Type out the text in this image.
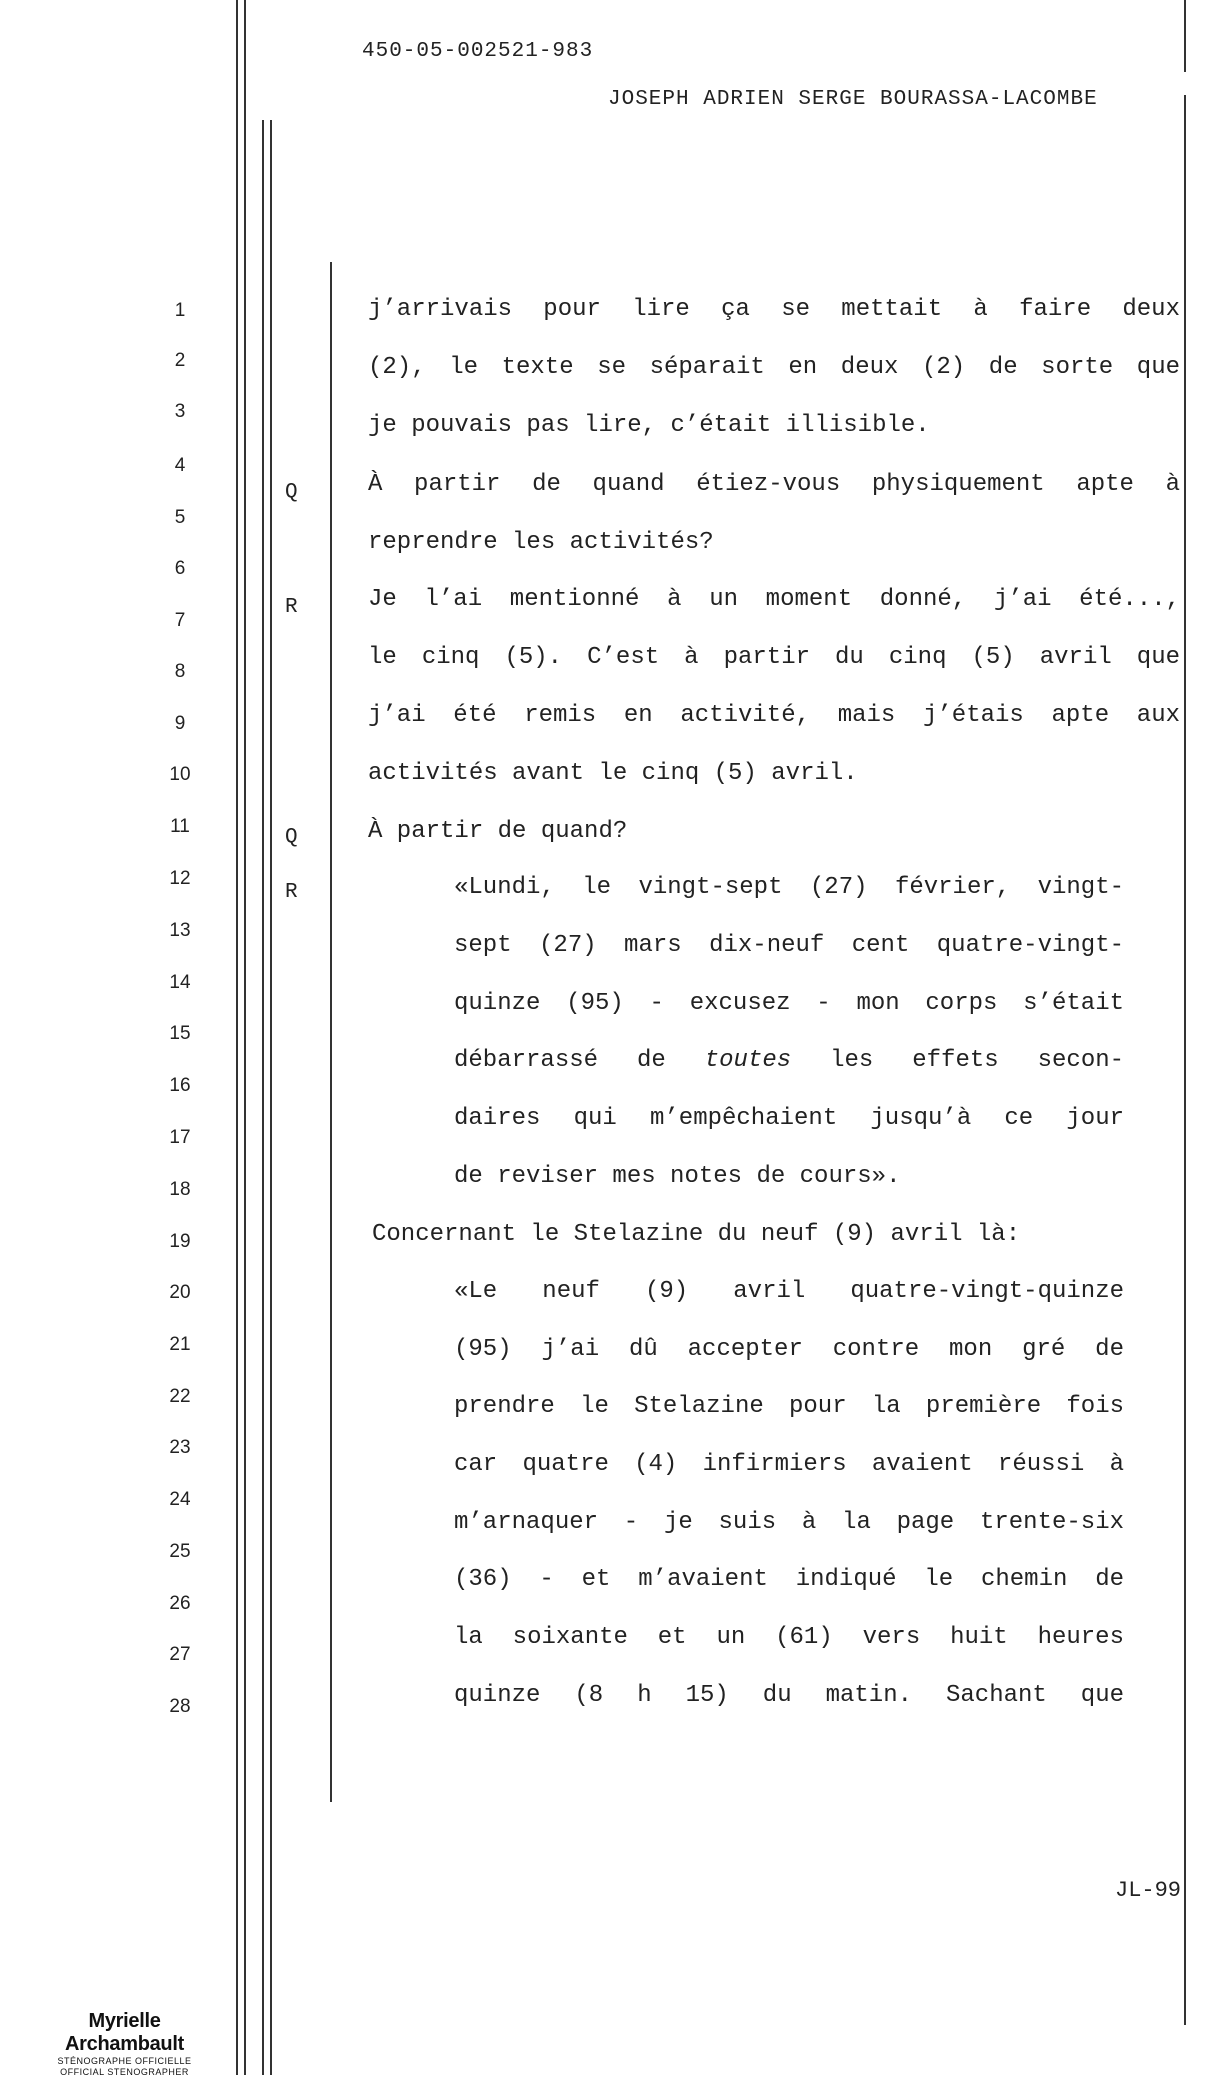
450-05-002521-983
JOSEPH ADRIEN SERGE BOURASSA-LACOMBE
1
2
3
4
5
6
7
8
9
10
11
12
13
14
15
16
17
18
19
20
21
22
23
24
25
26
27
28
Q
R
Q
R
j’arrivais pour lire ça se mettait à faire deux
(2), le texte se séparait en deux (2) de sorte que
je pouvais pas lire, c’était illisible.
À partir de quand étiez-vous physiquement apte à
reprendre les activités?
Je l’ai mentionné à un moment donné, j’ai été...,
le cinq (5). C’est à partir du cinq (5) avril que
j’ai été remis en activité, mais j’étais apte aux
activités avant le cinq (5) avril.
À partir de quand?
«Lundi, le vingt-sept (27) février, vingt-
sept (27) mars dix-neuf cent quatre-vingt-
quinze (95) - excusez - mon corps s’était
débarrassé de toutes les effets secon-
daires qui m’empêchaient jusqu’à ce jour
de reviser mes notes de cours».
Concernant le Stelazine du neuf (9) avril là:
«Le neuf (9) avril quatre-vingt-quinze
(95) j’ai dû accepter contre mon gré de
prendre le Stelazine pour la première fois
car quatre (4) infirmiers avaient réussi à
m’arnaquer - je suis à la page trente-six
(36) - et m’avaient indiqué le chemin de
la soixante et un (61) vers huit heures
quinze (8 h 15) du matin. Sachant que
JL-99
Myrielle Archambault
STÉNOGRAPHE OFFICIELLE
OFFICIAL STENOGRAPHER
